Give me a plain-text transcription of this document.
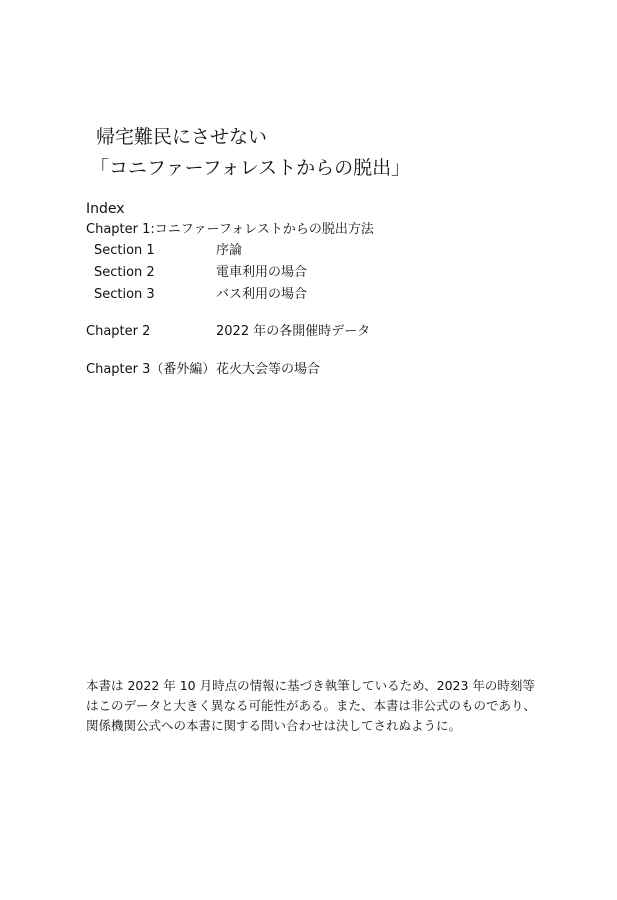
帰宅難民にさせない
「コニファーフォレストからの脱出」
Index
Chapter 1:コニファーフォレストからの脱出方法
Section 1	序論
Section 2	電車利用の場合
Section 3	バス利用の場合
Chapter 2	2022 年の各開催時データ
Chapter 3（番外編） 花火大会等の場合
本書は 2022 年 10 月時点の情報に基づき執筆しているため、2023 年の時刻等
はこのデータと大きく異なる可能性がある。また、本書は非公式のものであり、
関係機関公式への本書に関する問い合わせは決してされぬように。
